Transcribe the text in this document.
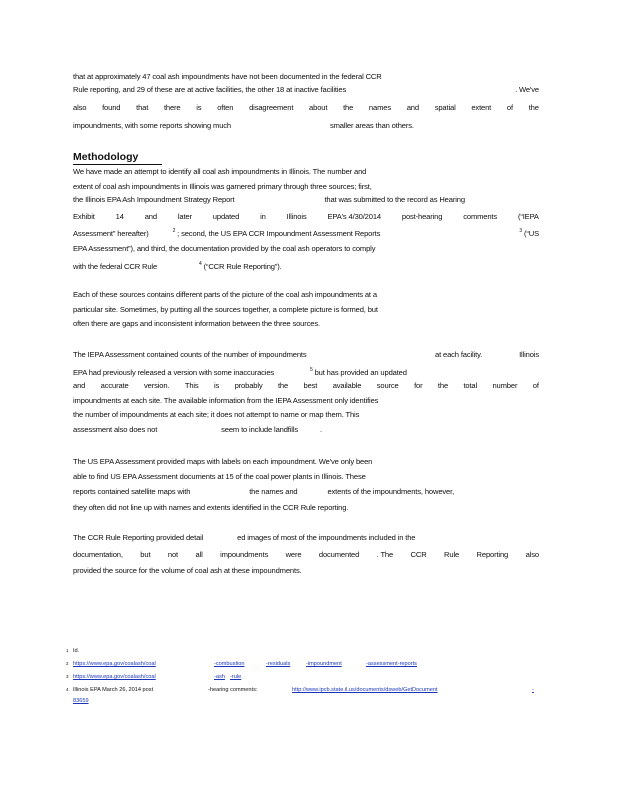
that at approximately 47 coal ash impoundments have not been documented in the federal CCR
Rule reporting, and 29 of these are at active facilities, the other 18 at inactive facilities	. We've
also found that there is often disagreement about the names and spatial extent of the
impoundments, with some reports showing much	smaller areas than others.
Methodology
We have made an attempt to identify all coal ash impoundments in Illinois. The number and
extent of coal ash impoundments in Illinois was garnered primary through three sources; first,
the Illinois EPA Ash Impoundment Strategy Report	that was submitted to the record as Hearing
Exhibit	14	and	later	updated	in	Illinois	EPA's 4/30/2014	post-hearing	comments	(“IEPA
Assessment” hereafter)	$^2$ ; second, the US EPA CCR Impoundment Assessment Reports	$^3$ (“US
EPA Assessment”), and third, the documentation provided by the coal ash operators to comply
with the federal CCR Rule	$^4$ (“CCR Rule Reporting”).
Each of these sources contains different parts of the picture of the coal ash impoundments at a
particular site. Sometimes, by putting all the sources together, a complete picture is formed, but
often there are gaps and inconsistent information between the three sources.
The IEPA Assessment contained counts of the number of impoundments	at each facility.	Illinois
EPA had previously released a version with some inaccuracies	$^5$ but has provided an updated
and accurate version. This is probably the best available source for the total number of
impoundments at each site. The available information from the IEPA Assessment only identifies
the number of impoundments at each site; it does not attempt to name or map them. This
assessment also does not	seem to include landfills	.
The US EPA Assessment provided maps with labels on each impoundment. We've only been
able to find US EPA Assessment documents at 15 of the coal power plants in Illinois. These
reports contained satellite maps with	the names and	extents of the impoundments, however,
they often did not line up with names and extents identified in the CCR Rule reporting.
The CCR Rule Reporting provided detail	ed images of most of the impoundments included in the
documentation, but not all impoundments were documented . The CCR Rule Reporting also
provided the source for the volume of coal ash at these impoundments.
1 Id.
2 https://www.epa.gov/coalash/coal	-combustion	-residuals	-impoundment	-assessment-reports
3 https://www.epa.gov/coalash/coal	-ash -rule
4 Illinois EPA March 26, 2014 post	-hearing comments:	http://www.ipcb.state.il.us/documents/dsweb/GetDocument	-
83659
